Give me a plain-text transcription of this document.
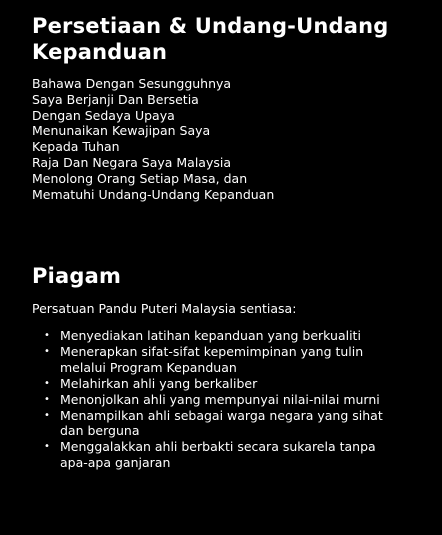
Persetiaan & Undang-Undang Kepanduan
Bahawa Dengan Sesungguhnya
Saya Berjanji Dan Bersetia
Dengan Sedaya Upaya
Menunaikan Kewajipan Saya
Kepada Tuhan
Raja Dan Negara Saya Malaysia
Menolong Orang Setiap Masa, dan
Mematuhi Undang-Undang Kepanduan
Piagam

Persatuan Pandu Puteri Malaysia sentiasa:

• Menyediakan latihan kepanduan yang berkualiti
• Menerapkan sifat-sifat kepemimpinan yang tulin melalui Program Kepanduan
• Melahirkan ahli yang berkaliber
• Menonjolkan ahli yang mempunyai nilai-nilai murni
• Menampilkan ahli sebagai warga negara yang sihat dan berguna
• Menggalakkan ahli berbakti secara sukarela tanpa apa-apa ganjaran
